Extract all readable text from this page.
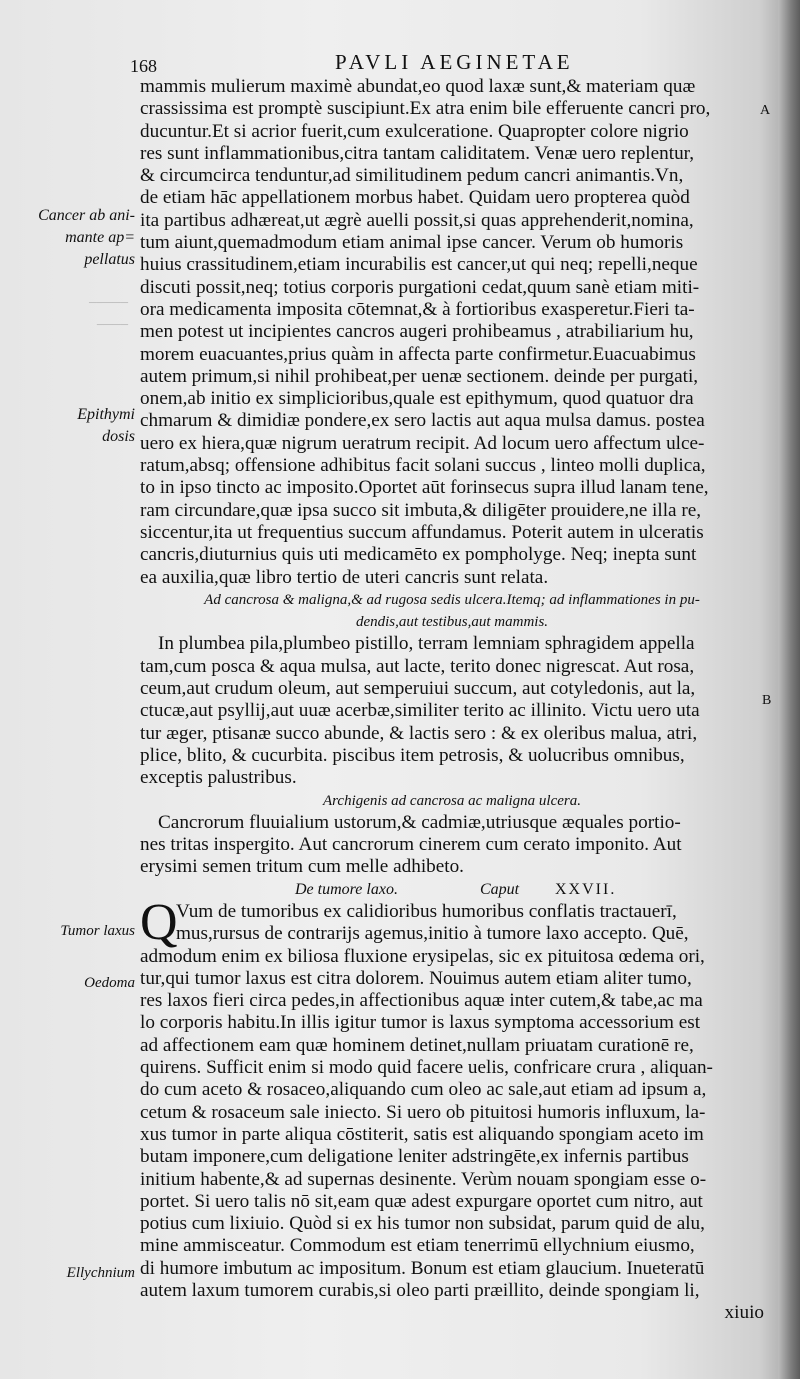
168	PAVLI AEGINETAE
─────
────
Cancer ab ani-
mante ap=
pellatus
Epithymi
dosis
Tumor laxus
Oedoma
Ellychnium
A
B
mammis mulierum maximè abundat,eo quod laxæ sunt,& materiam quæ
crassissima est promptè suscipiunt.Ex atra enim bile efferuente cancri pro,
ducuntur.Et si acrior fuerit,cum exulceratione. Quapropter colore nigrio
res sunt inflammationibus,citra tantam caliditatem. Venæ uero replentur,
& circumcirca tenduntur,ad similitudinem pedum cancri animantis.Vn,
de etiam hāc appellationem morbus habet. Quidam uero propterea quòd
ita partibus adhæreat,ut ægrè auelli possit,si quas apprehenderit,nomina,
tum aiunt,quemadmodum etiam animal ipse cancer. Verum ob humoris
huius crassitudinem,etiam incurabilis est cancer,ut qui neq; repelli,neque
discuti possit,neq; totius corporis purgationi cedat,quum sanè etiam miti-
ora medicamenta imposita cōtemnat,& à fortioribus exasperetur.Fieri ta-
men potest ut incipientes cancros augeri prohibeamus , atrabiliarium hu,
morem euacuantes,prius quàm in affecta parte confirmetur.Euacuabimus
autem primum,si nihil prohibeat,per uenæ sectionem. deinde per purgati,
onem,ab initio ex simplicioribus,quale est epithymum, quod quatuor dra
chmarum & dimidiæ pondere,ex sero lactis aut aqua mulsa damus. postea
uero ex hiera,quæ nigrum ueratrum recipit. Ad locum uero affectum ulce-
ratum,absq; offensione adhibitus facit solani succus , linteo molli duplica,
to in ipso tincto ac imposito.Oportet aūt forinsecus supra illud lanam tene,
ram circundare,quæ ipsa succo sit imbuta,& diligēter prouidere,ne illa re,
siccentur,ita ut frequentius succum affundamus. Poterit autem in ulceratis
cancris,diuturnius quis uti medicamēto ex pompholyge. Neq; inepta sunt
ea auxilia,quæ libro tertio de uteri cancris sunt relata.
Ad cancrosa & maligna,& ad rugosa sedis ulcera.Itemq; ad inflammationes in pu-
dendis,aut testibus,aut mammis.
In plumbea pila,plumbeo pistillo, terram lemniam sphragidem appella
tam,cum posca & aqua mulsa, aut lacte, terito donec nigrescat. Aut rosa,
ceum,aut crudum oleum, aut semperuiui succum, aut cotyledonis, aut la,
ctucæ,aut psyllij,aut uuæ acerbæ,similiter terito ac illinito. Victu uero uta
tur æger, ptisanæ succo abunde, & lactis sero : & ex oleribus malua, atri,
plice, blito, & cucurbita. piscibus item petrosis, & uolucribus omnibus,
exceptis palustribus.
Archigenis ad cancrosa ac maligna ulcera.
Cancrorum fluuialium ustorum,& cadmiæ,utriusque æquales portio-
nes tritas inspergito. Aut cancrorum cinerem cum cerato imponito. Aut
erysimi semen tritum cum melle adhibeto.
De tumore laxo.	Caput XXVII.
Q
Vum de tumoribus ex calidioribus humoribus conflatis tractauerī,
mus,rursus de contrarijs agemus,initio à tumore laxo accepto. Quē,
admodum enim ex biliosa fluxione erysipelas, sic ex pituitosa œdema ori,
tur,qui tumor laxus est citra dolorem. Nouimus autem etiam aliter tumo,
res laxos fieri circa pedes,in affectionibus aquæ inter cutem,& tabe,ac ma
lo corporis habitu.In illis igitur tumor is laxus symptoma accessorium est
ad affectionem eam quæ hominem detinet,nullam priuatam curationē re,
quirens. Sufficit enim si modo quid facere uelis, confricare crura , aliquan-
do cum aceto & rosaceo,aliquando cum oleo ac sale,aut etiam ad ipsum a,
cetum & rosaceum sale iniecto. Si uero ob pituitosi humoris influxum, la-
xus tumor in parte aliqua cōstiterit, satis est aliquando spongiam aceto im
butam imponere,cum deligatione leniter adstringēte,ex infernis partibus
initium habente,& ad supernas desinente. Verùm nouam spongiam esse o-
portet. Si uero talis nō sit,eam quæ adest expurgare oportet cum nitro, aut
potius cum lixiuio. Quòd si ex his tumor non subsidat, parum quid de alu,
mine ammisceatur. Commodum est etiam tenerrimū ellychnium eiusmo,
di humore imbutum ac impositum. Bonum est etiam glaucium. Inueteratū
autem laxum tumorem curabis,si oleo parti præillito, deinde spongiam li,
xiuio
